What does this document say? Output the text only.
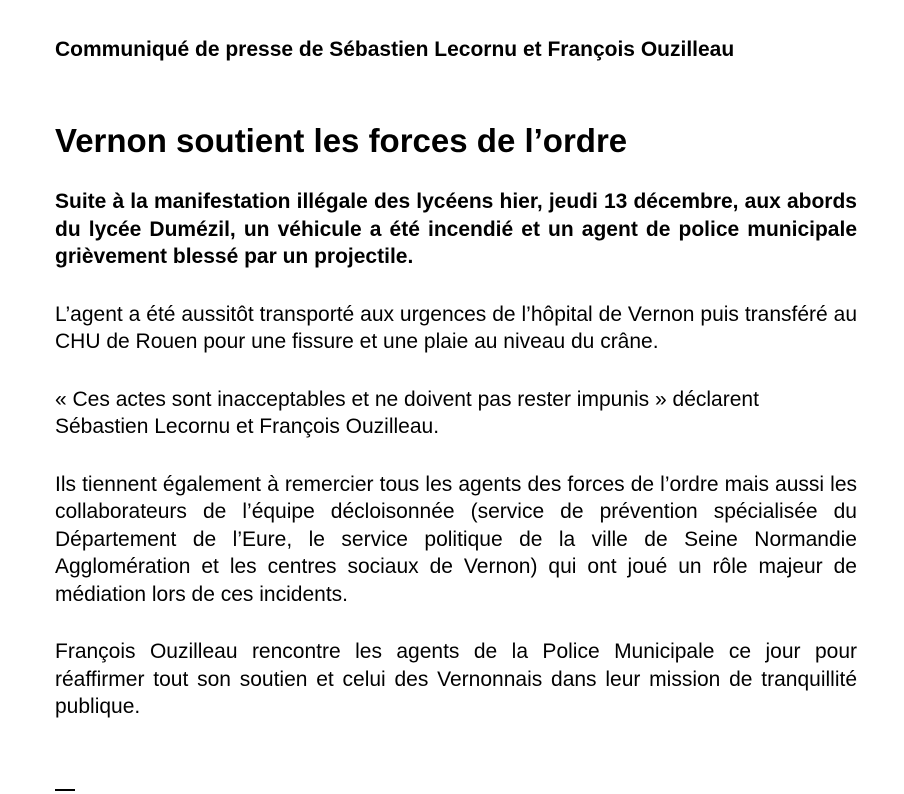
Communiqué de presse de Sébastien Lecornu et François Ouzilleau
Vernon soutient les forces de l’ordre

Suite à la manifestation illégale des lycéens hier, jeudi 13 décembre, aux abords du lycée Dumézil, un véhicule a été incendié et un agent de police municipale grièvement blessé par un projectile.

L’agent a été aussitôt transporté aux urgences de l’hôpital de Vernon puis transféré au CHU de Rouen pour une fissure et une plaie au niveau du crâne.

« Ces actes sont inacceptables et ne doivent pas rester impunis » déclarent Sébastien Lecornu et François Ouzilleau.

Ils tiennent également à remercier tous les agents des forces de l’ordre mais aussi les collaborateurs de l’équipe décloisonnée (service de prévention spécialisée du Département de l’Eure, le service politique de la ville de Seine Normandie Agglomération et les centres sociaux de Vernon) qui ont joué un rôle majeur de médiation lors de ces incidents.

François Ouzilleau rencontre les agents de la Police Municipale ce jour pour réaffirmer tout son soutien et celui des Vernonnais dans leur mission de tranquillité publique.
